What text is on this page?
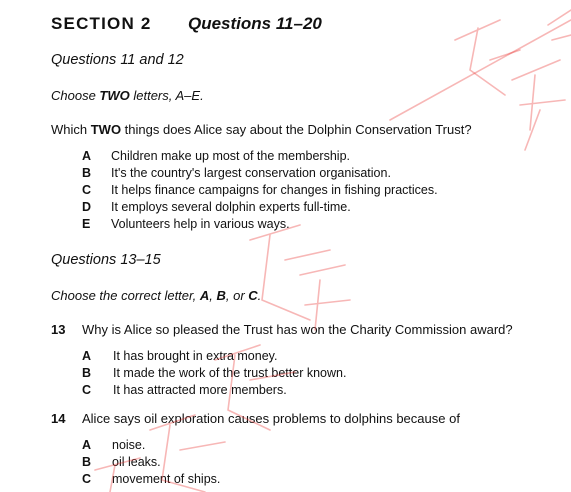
SECTION 2 Questions 11–20
Questions 11 and 12
Choose TWO letters, A–E.
Which TWO things does Alice say about the Dolphin Conservation Trust?
A	Children make up most of the membership.
B	It's the country's largest conservation organisation.
C	It helps finance campaigns for changes in fishing practices.
D	It employs several dolphin experts full-time.
E	Volunteers help in various ways.
Questions 13–15
Choose the correct letter, A, B, or C.
13 Why is Alice so pleased the Trust has won the Charity Commission award?
A	It has brought in extra money.
B	It made the work of the trust better known.
C	It has attracted more members.
14 Alice says oil exploration causes problems to dolphins because of
A	noise.
B	oil leaks.
C	movement of ships.
